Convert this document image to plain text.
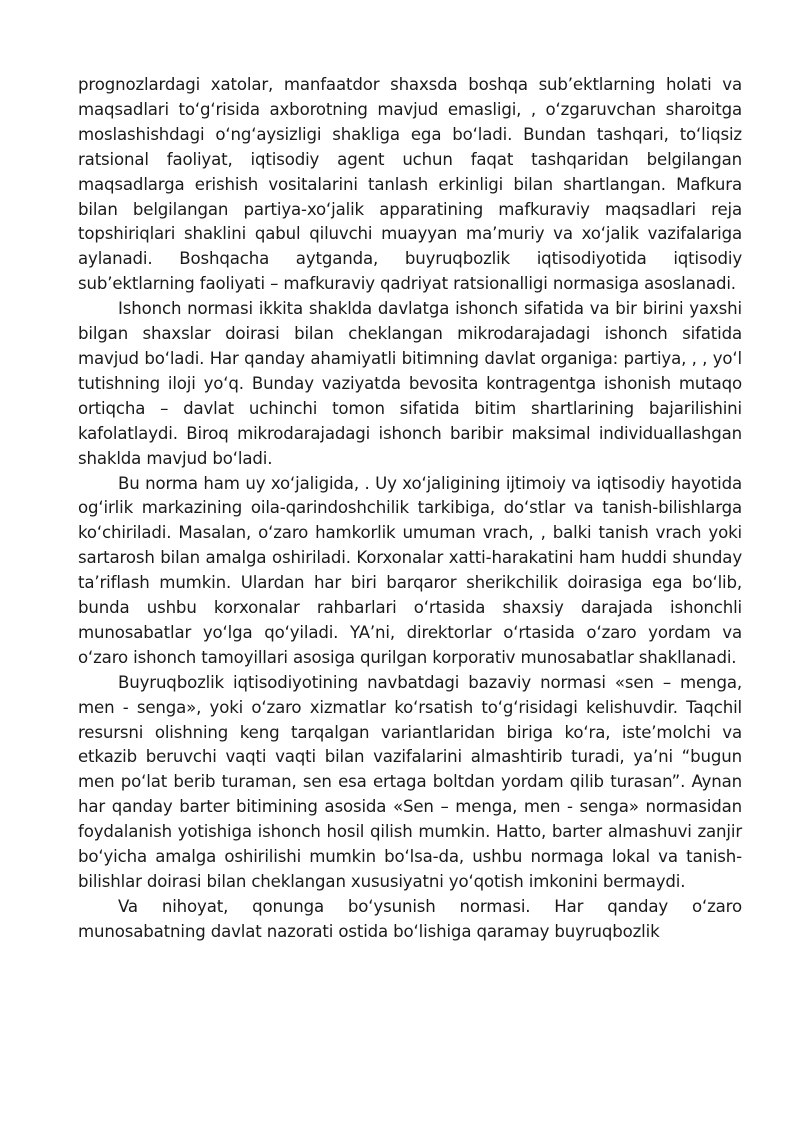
prognozlardagi xatolar, manfaatdor shaxsda boshqa sub’ektlarning holati va maqsadlari to‘g‘risida axborotning mavjud emasligi, , o‘zgaruvchan sharoitga moslashishdagi o‘ng‘aysizligi shakliga ega bo‘ladi. Bundan tashqari, to‘liqsiz ratsional faoliyat, iqtisodiy agent uchun faqat tashqaridan belgilangan maqsadlarga erishish vositalarini tanlash erkinligi bilan shartlangan. Mafkura bilan belgilangan partiya-xo‘jalik apparatining mafkuraviy maqsadlari reja topshiriqlari shaklini qabul qiluvchi muayyan ma’muriy va xo‘jalik vazifalariga aylanadi. Boshqacha aytganda, buyruqbozlik iqtisodiyotida iqtisodiy sub’ektlarning faoliyati – mafkuraviy qadriyat ratsionalligi normasiga asoslanadi.

Ishonch normasi ikkita shaklda davlatga ishonch sifatida va bir birini yaxshi bilgan shaxslar doirasi bilan cheklangan mikrodarajadagi ishonch sifatida mavjud bo‘ladi. Har qanday ahamiyatli bitimning davlat organiga: partiya, , , yo‘l tutishning iloji yo‘q. Bunday vaziyatda bevosita kontragentga ishonish mutaqo ortiqcha – davlat uchinchi tomon sifatida bitim shartlarining bajarilishini kafolatlaydi. Biroq mikrodarajadagi ishonch baribir maksimal individuallashgan shaklda mavjud bo‘ladi.

Bu norma ham uy xo‘jaligida, . Uy xo‘jaligining ijtimoiy va iqtisodiy hayotida og‘irlik markazining oila-qarindoshchilik tarkibiga, do‘stlar va tanish-bilishlarga ko‘chiriladi. Masalan, o‘zaro hamkorlik umuman vrach, , balki tanish vrach yoki sartarosh bilan amalga oshiriladi. Korxonalar xatti-harakatini ham huddi shunday ta’riflash mumkin. Ulardan har biri barqaror sherikchilik doirasiga ega bo‘lib, bunda ushbu korxonalar rahbarlari o‘rtasida shaxsiy darajada ishonchli munosabatlar yo‘lga qo‘yiladi. YA’ni, direktorlar o‘rtasida o‘zaro yordam va o‘zaro ishonch tamoyillari asosiga qurilgan korporativ munosabatlar shakllanadi.

Buyruqbozlik iqtisodiyotining navbatdagi bazaviy normasi «sen – menga, men - senga», yoki o‘zaro xizmatlar ko‘rsatish to‘g‘risidagi kelishuvdir. Taqchil resursni olishning keng tarqalgan variantlaridan biriga ko‘ra, iste’molchi va etkazib beruvchi vaqti vaqti bilan vazifalarini almashtirib turadi, ya’ni “bugun men po‘lat berib turaman, sen esa ertaga boltdan yordam qilib turasan”. Aynan har qanday barter bitimining asosida «Sen – menga, men - senga» normasidan foydalanish yotishiga ishonch hosil qilish mumkin. Hatto, barter almashuvi zanjir bo‘yicha amalga oshirilishi mumkin bo‘lsa-da, ushbu normaga lokal va tanish-bilishlar doirasi bilan cheklangan xususiyatni yo‘qotish imkonini bermaydi.

Va nihoyat, qonunga bo‘ysunish normasi. Har qanday o‘zaro munosabatning davlat nazorati ostida bo‘lishiga qaramay buyruqbozlik
